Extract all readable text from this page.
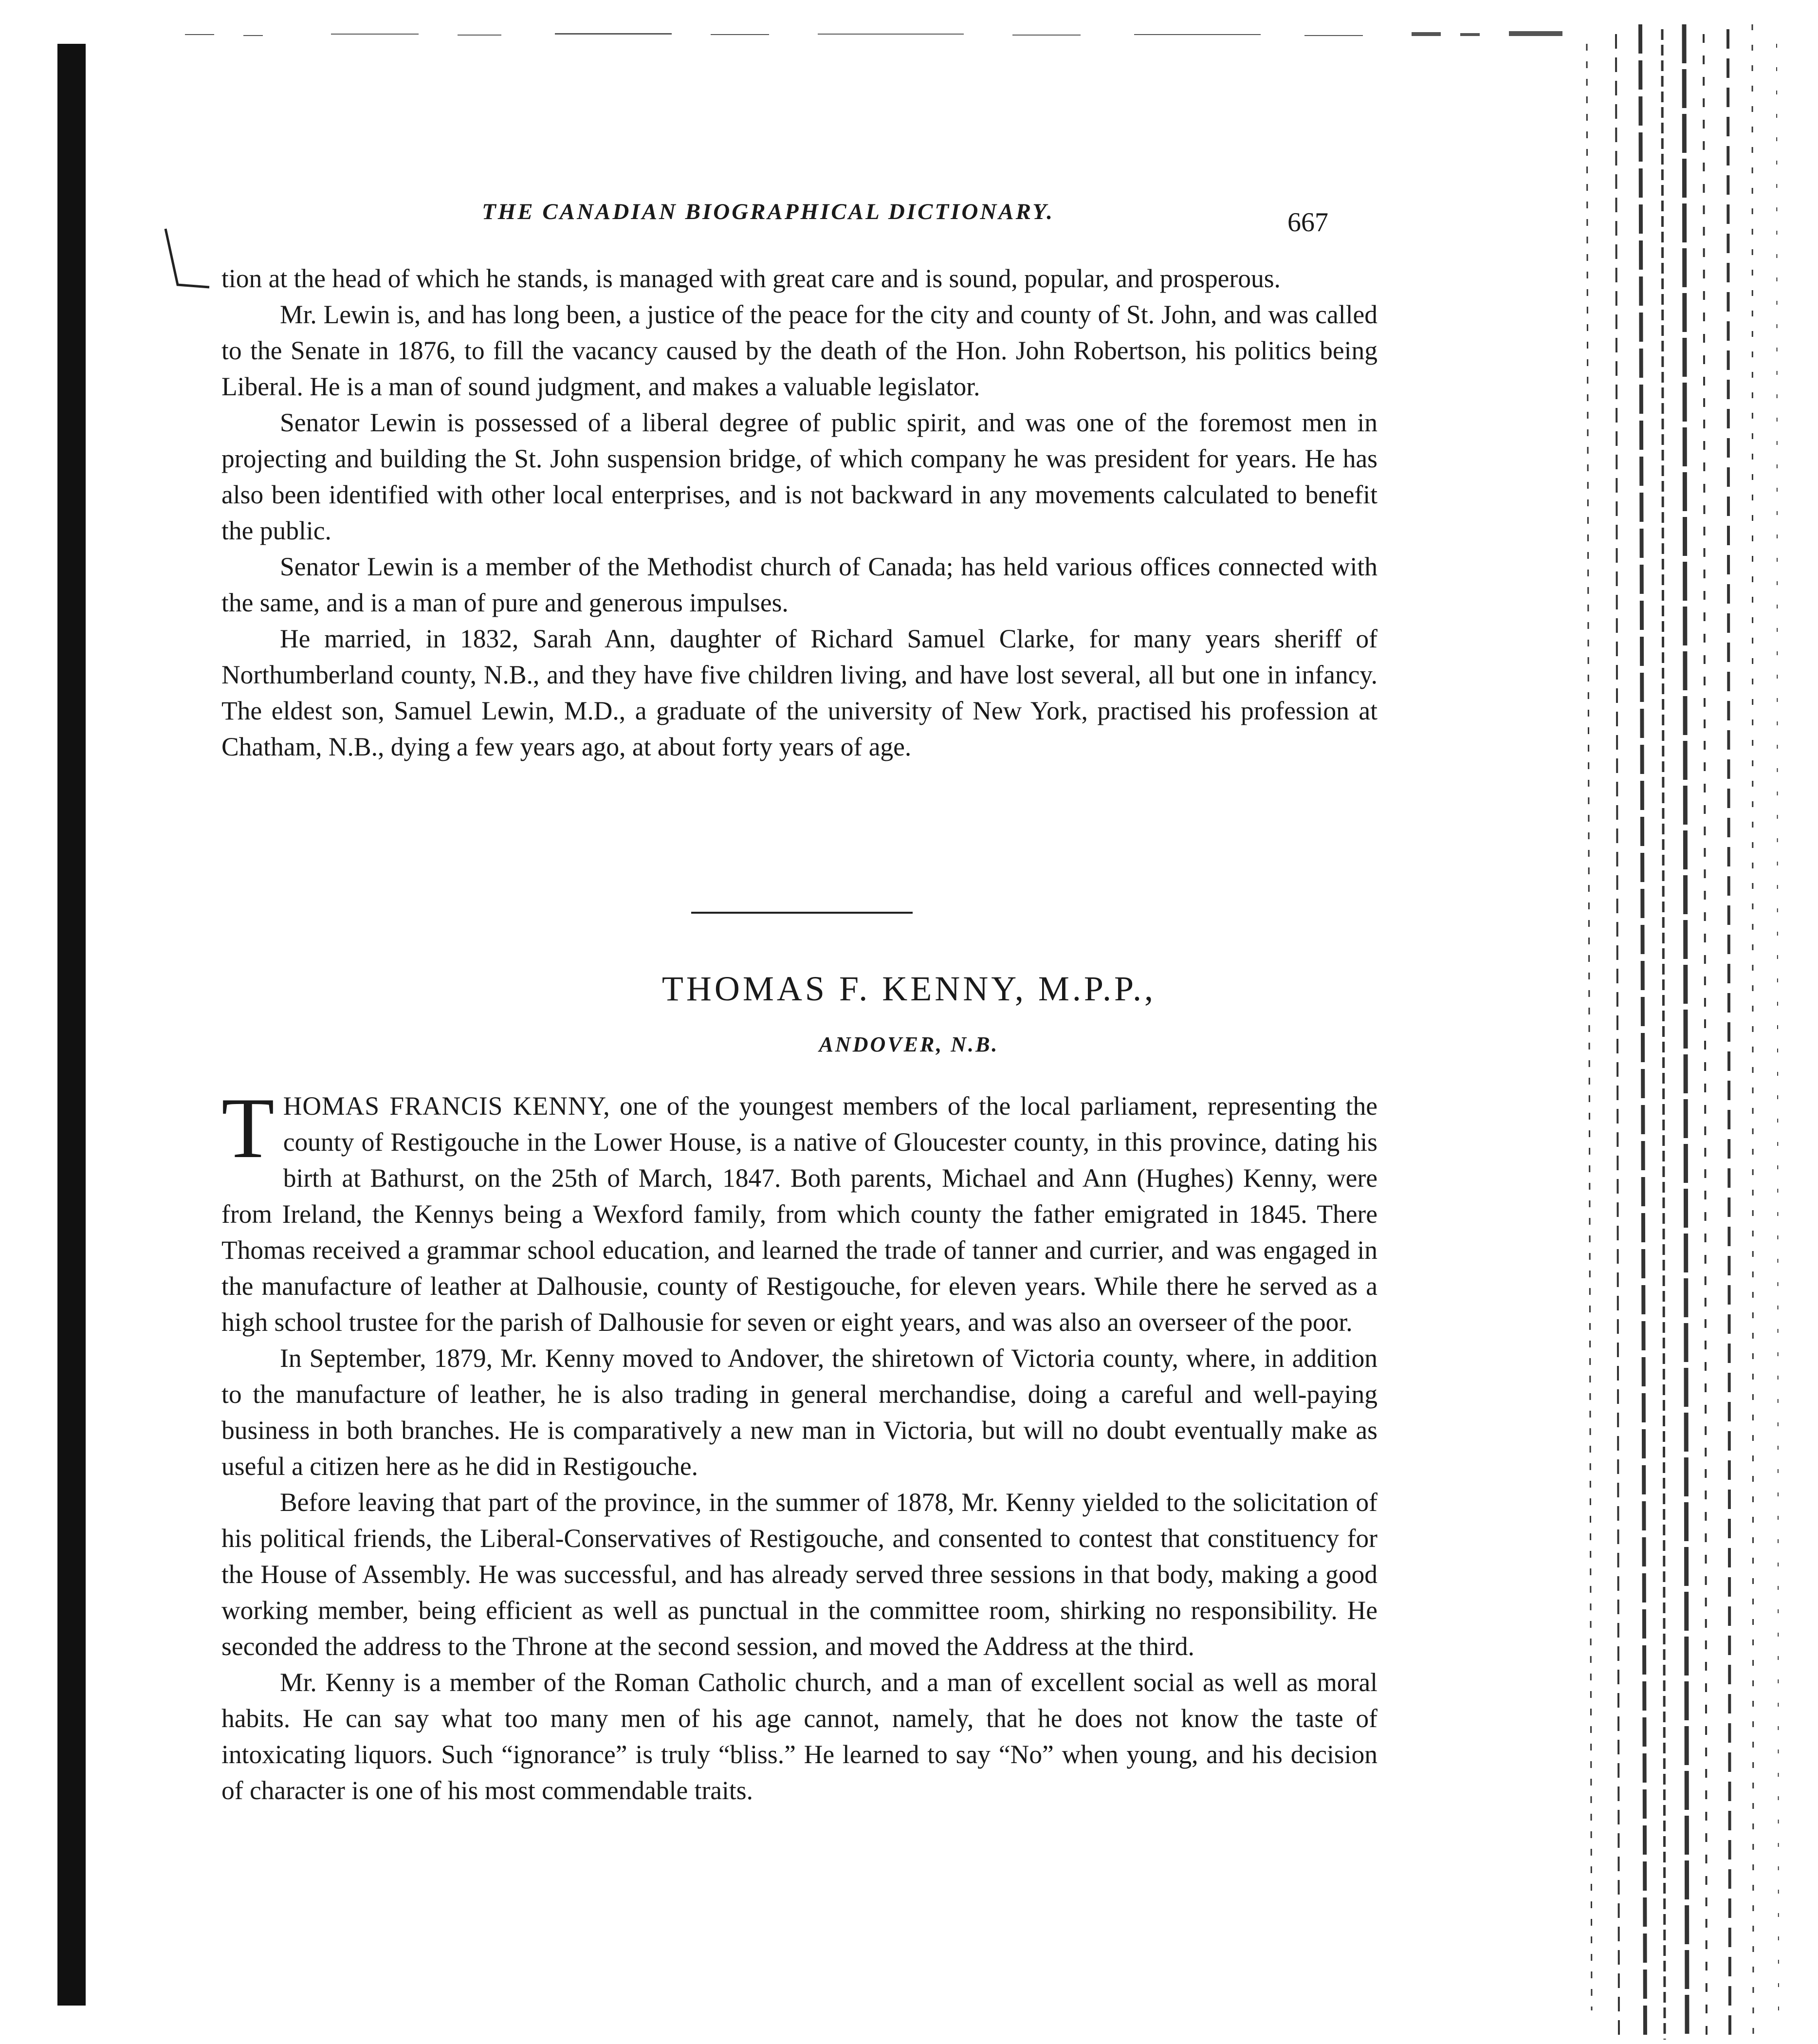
THE CANADIAN BIOGRAPHICAL DICTIONARY.	667

tion at the head of which he stands, is managed with great care and is sound, popular, and prosperous.

Mr. Lewin is, and has long been, a justice of the peace for the city and county of St. John, and was called to the Senate in 1876, to fill the vacancy caused by the death of the Hon. John Robertson, his politics being Liberal. He is a man of sound judgment, and makes a valuable legislator.

Senator Lewin is possessed of a liberal degree of public spirit, and was one of the foremost men in projecting and building the St. John suspension bridge, of which company he was president for years. He has also been identified with other local enterprises, and is not backward in any movements calculated to benefit the public.

Senator Lewin is a member of the Methodist church of Canada; has held various offices connected with the same, and is a man of pure and generous impulses.

He married, in 1832, Sarah Ann, daughter of Richard Samuel Clarke, for many years sheriff of Northumberland county, N.B., and they have five children living, and have lost several, all but one in infancy. The eldest son, Samuel Lewin, M.D., a graduate of the university of New York, practised his profession at Chatham, N.B., dying a few years ago, at about forty years of age.

THOMAS F. KENNY, M.P.P.,
ANDOVER, N.B.

THOMAS FRANCIS KENNY, one of the youngest members of the local parliament, representing the county of Restigouche in the Lower House, is a native of Gloucester county, in this province, dating his birth at Bathurst, on the 25th of March, 1847. Both parents, Michael and Ann (Hughes) Kenny, were from Ireland, the Kennys being a Wexford family, from which county the father emigrated in 1845. There Thomas received a grammar school education, and learned the trade of tanner and currier, and was engaged in the manufacture of leather at Dalhousie, county of Restigouche, for eleven years. While there he served as a high school trustee for the parish of Dalhousie for seven or eight years, and was also an overseer of the poor.

In September, 1879, Mr. Kenny moved to Andover, the shiretown of Victoria county, where, in addition to the manufacture of leather, he is also trading in general merchandise, doing a careful and well-paying business in both branches. He is comparatively a new man in Victoria, but will no doubt eventually make as useful a citizen here as he did in Restigouche.

Before leaving that part of the province, in the summer of 1878, Mr. Kenny yielded to the solicitation of his political friends, the Liberal-Conservatives of Restigouche, and consented to contest that constituency for the House of Assembly. He was successful, and has already served three sessions in that body, making a good working member, being efficient as well as punctual in the committee room, shirking no responsibility. He seconded the address to the Throne at the second session, and moved the Address at the third.

Mr. Kenny is a member of the Roman Catholic church, and a man of excellent social as well as moral habits. He can say what too many men of his age cannot, namely, that he does not know the taste of intoxicating liquors. Such “ignorance” is truly “bliss.” He learned to say “No” when young, and his decision of character is one of his most commendable traits.
